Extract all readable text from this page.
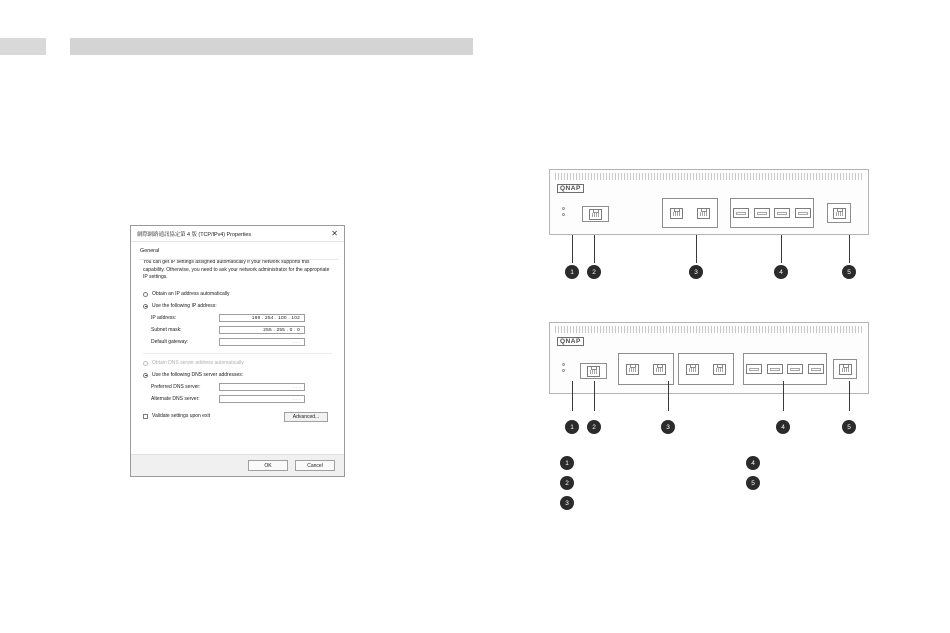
網際網路通訊協定第 4 版 (TCP/IPv4) Properties	✕
General
You can get IP settings assigned automatically if your network supports this capability. Otherwise, you need to ask your network administrator for the appropriate IP settings.
Obtain an IP address automatically
Use the following IP address:
IP address:	169 . 254 . 100 . 102
Subnet mask:	255 . 255 . 0 . 0
Default gateway:	. . .
Obtain DNS server address automatically
Use the following DNS server addresses:
Preferred DNS server:	. . .
Alternate DNS server:	. . .
Validate settings upon exit	Advanced...
OK	Cancel
QNAP
1	2	3	4	5
QNAP
1	2	3	4	5
1
2
3
4
5
